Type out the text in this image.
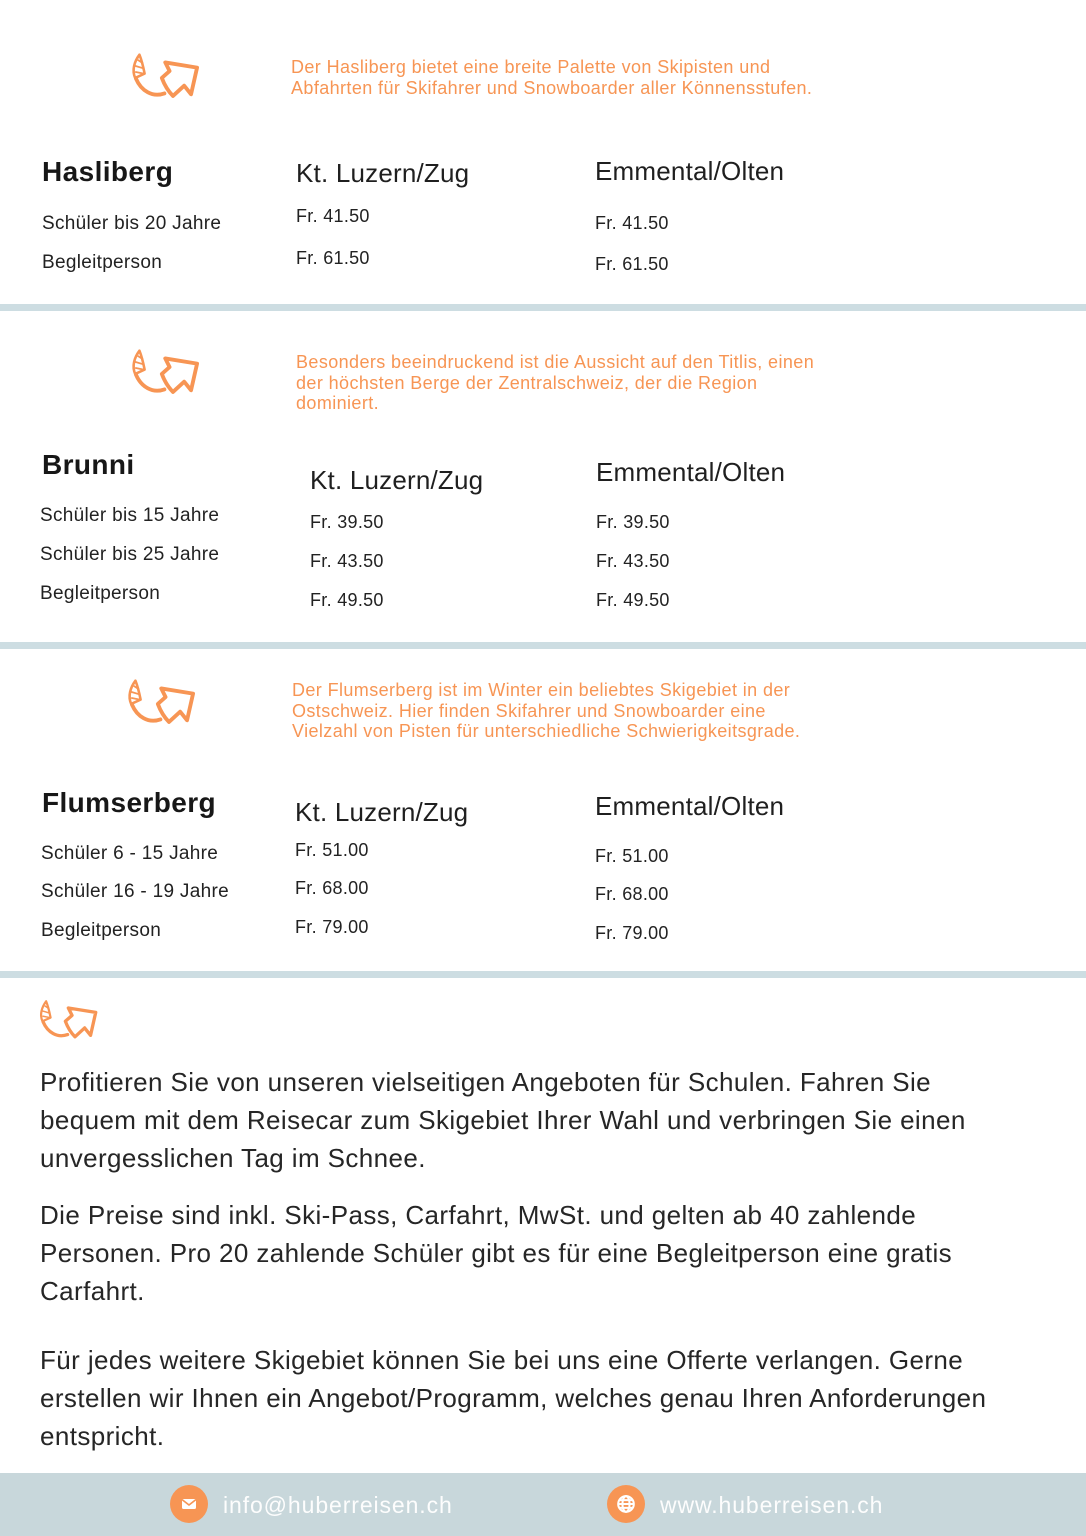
Der Hasliberg bietet eine breite Palette von Skipisten und Abfahrten für Skifahrer und Snowboarder aller Könnensstufen.

Hasliberg	Kt. Luzern/Zug	Emmental/Olten
Schüler bis 20 Jahre	Fr. 41.50	Fr. 41.50
Begleitperson	Fr. 61.50	Fr. 61.50

Besonders beeindruckend ist die Aussicht auf den Titlis, einen der höchsten Berge der Zentralschweiz, der die Region dominiert.

Brunni	Kt. Luzern/Zug	Emmental/Olten
Schüler bis 15 Jahre	Fr. 39.50	Fr. 39.50
Schüler bis 25 Jahre	Fr. 43.50	Fr. 43.50
Begleitperson	Fr. 49.50	Fr. 49.50

Der Flumserberg ist im Winter ein beliebtes Skigebiet in der Ostschweiz. Hier finden Skifahrer und Snowboarder eine Vielzahl von Pisten für unterschiedliche Schwierigkeitsgrade.

Flumserberg	Kt. Luzern/Zug	Emmental/Olten
Schüler 6 - 15 Jahre	Fr. 51.00	Fr. 51.00
Schüler 16 - 19 Jahre	Fr. 68.00	Fr. 68.00
Begleitperson	Fr. 79.00	Fr. 79.00

Profitieren Sie von unseren vielseitigen Angeboten für Schulen. Fahren Sie bequem mit dem Reisecar zum Skigebiet Ihrer Wahl und verbringen Sie einen unvergesslichen Tag im Schnee.

Die Preise sind inkl. Ski-Pass, Carfahrt, MwSt. und gelten ab 40 zahlende Personen. Pro 20 zahlende Schüler gibt es für eine Begleitperson eine gratis Carfahrt.

Für jedes weitere Skigebiet können Sie bei uns eine Offerte verlangen. Gerne erstellen wir Ihnen ein Angebot/Programm, welches genau Ihren Anforderungen entspricht.

info@huberreisen.ch	www.huberreisen.ch
